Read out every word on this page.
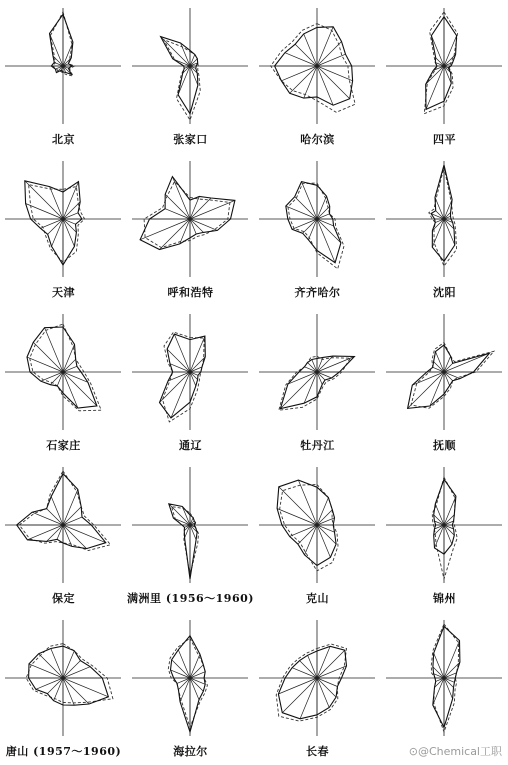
北京	张家口	哈尔滨	四平
天津	呼和浩特	齐齐哈尔	沈阳
石家庄	通辽	牡丹江	抚顺
保定	满洲里 (1956～1960)	克山	锦州
唐山 (1957～1960)	海拉尔	长春	⊙@Chemical工职
